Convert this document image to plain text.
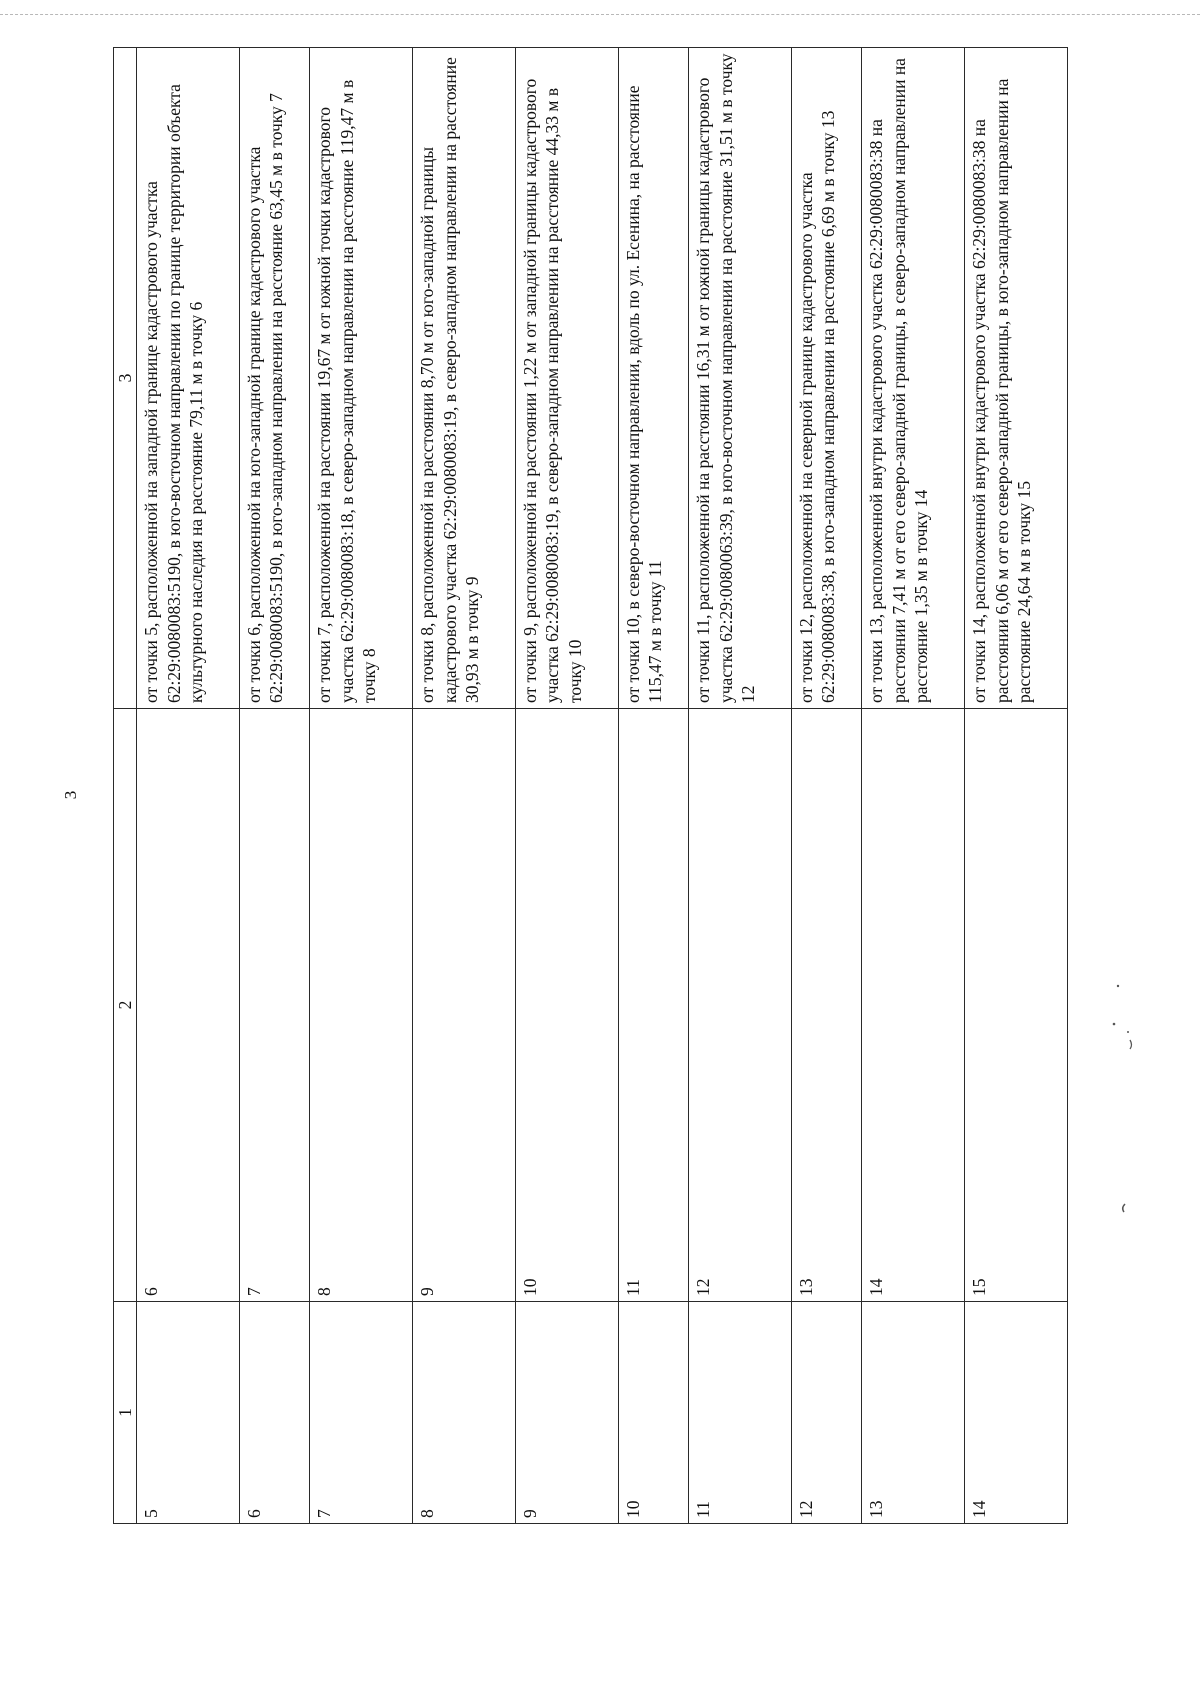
3
1	2	3
5	6	от точки 5, расположенной на западной границе кадастрового участка 62:29:0080083:5190, в юго-восточном направлении по границе территории объекта культурного наследия на расстояние 79,11 м в точку 6

6	7	от точки 6, расположенной на юго-западной границе кадастрового участка 62:29:0080083:5190, в юго-западном направлении на расстояние 63,45 м в точку 7

7	8	от точки 7, расположенной на расстоянии 19,67 м от южной точки кадастрового участка 62:29:0080083:18, в северо-западном направлении на расстояние 119,47 м в точку 8

8	9	от точки 8, расположенной на расстоянии 8,70 м от юго-западной границы кадастрового участка 62:29:0080083:19, в северо-западном направлении на расстояние 30,93 м в точку 9

9	10	от точки 9, расположенной на расстоянии 1,22 м от западной границы кадастрового участка 62:29:0080083:19, в северо-западном направлении на расстояние 44,33 м в точку 10

10	11	от точки 10, в северо-восточном направлении, вдоль по ул. Есенина, на расстояние 115,47 м в точку 11

11	12	от точки 11, расположенной на расстоянии 16,31 м от южной границы кадастрового участка 62:29:0080063:39, в юго-восточном направлении на расстояние 31,51 м в точку 12

12	13	от точки 12, расположенной на северной границе кадастрового участка 62:29:0080083:38, в юго-западном направлении на расстояние 6,69 м в точку 13

13	14	от точки 13, расположенной внутри кадастрового участка 62:29:0080083:38 на расстоянии 7,41 м от его северо-западной границы, в северо-западном направлении на расстояние 1,35 м в точку 14

14	15	от точки 14, расположенной внутри кадастрового участка 62:29:0080083:38 на расстоянии 6,06 м от его северо-западной границы, в юго-западном направлении на расстояние 24,64 м в точку 15
